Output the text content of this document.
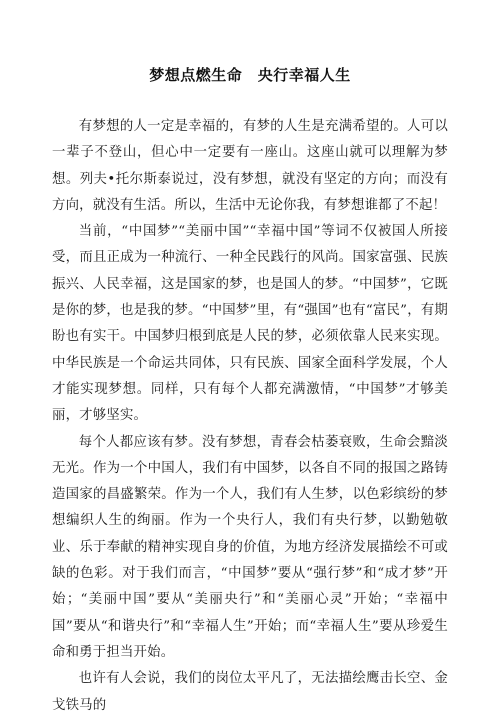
梦想点燃生命　央行幸福人生

有梦想的人一定是幸福的，有梦的人生是充满希望的。人可以一辈子不登山，但心中一定要有一座山。这座山就可以理解为梦想。列夫•托尔斯泰说过，没有梦想，就没有坚定的方向；而没有方向，就没有生活。所以，生活中无论你我，有梦想谁都了不起！

当前，“中国梦”“美丽中国”“幸福中国”等词不仅被国人所接受，而且正成为一种流行、一种全民践行的风尚。国家富强、民族振兴、人民幸福，这是国家的梦，也是国人的梦。“中国梦”，它既是你的梦，也是我的梦。“中国梦”里，有“强国”也有“富民”，有期盼也有实干。中国梦归根到底是人民的梦，必须依靠人民来实现。中华民族是一个命运共同体，只有民族、国家全面科学发展，个人才能实现梦想。同样，只有每个人都充满激情，“中国梦”才够美丽，才够坚实。

每个人都应该有梦。没有梦想，青春会枯萎衰败，生命会黯淡无光。作为一个中国人，我们有中国梦，以各自不同的报国之路铸造国家的昌盛繁荣。作为一个人，我们有人生梦，以色彩缤纷的梦想编织人生的绚丽。作为一个央行人，我们有央行梦，以勤勉敬业、乐于奉献的精神实现自身的价值，为地方经济发展描绘不可或缺的色彩。对于我们而言，“中国梦”要从“强行梦”和“成才梦”开始；“美丽中国”要从“美丽央行”和“美丽心灵”开始；“幸福中国”要从“和谐央行”和“幸福人生”开始；而“幸福人生”要从珍爱生命和勇于担当开始。

也许有人会说，我们的岗位太平凡了，无法描绘鹰击长空、金戈铁马的
